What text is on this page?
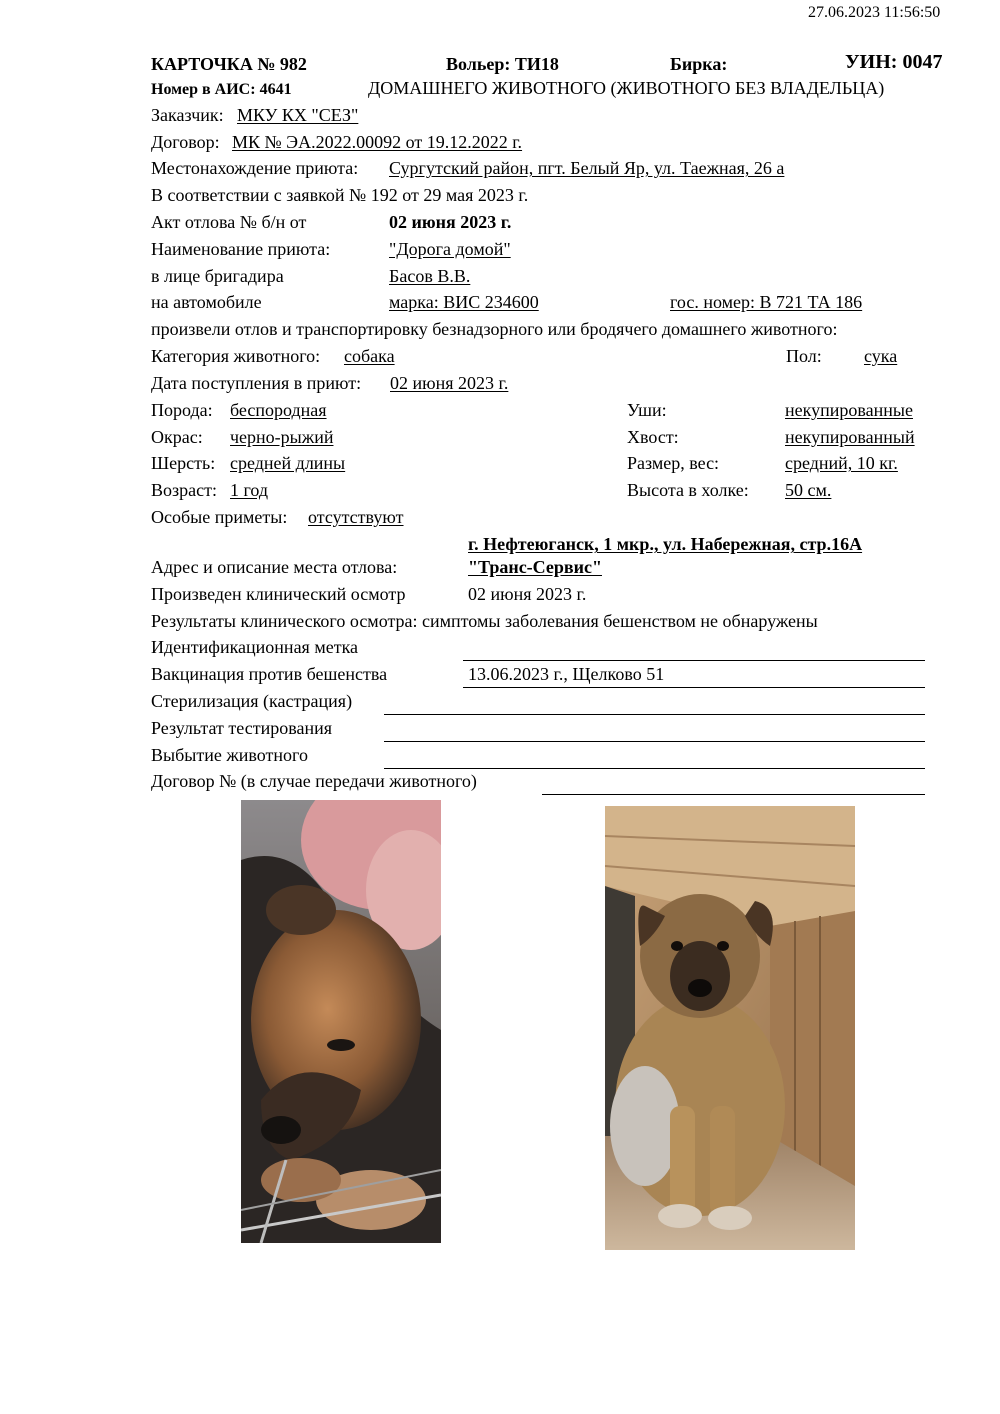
27.06.2023 11:56:50
КАРТОЧКА № 982	Вольер: ТИ18	Бирка:	УИН: 0047
Номер в АИС: 4641	ДОМАШНЕГО ЖИВОТНОГО (ЖИВОТНОГО БЕЗ ВЛАДЕЛЬЦА)
Заказчик: МКУ КХ "СЕЗ"
Договор: МК № ЭА.2022.00092 от 19.12.2022 г.
Местонахождение приюта: Сургутский район, пгт. Белый Яр, ул. Таежная, 26 а
В соответствии с заявкой № 192 от 29 мая 2023 г.
Акт отлова № б/н от	02 июня 2023 г.
Наименование приюта:	"Дорога домой"
в лице бригадира	Басов В.В.
на автомобиле	марка: ВИС 234600	гос. номер: В 721 ТА 186
произвели отлов и транспортировку безнадзорного или бродячего домашнего животного:
Категория животного: собака	Пол: сука
Дата поступления в приют: 02 июня 2023 г.
Порода: беспородная	Уши:	некупированные
Окрас: черно-рыжий	Хвост:	некупированный
Шерсть: средней длины	Размер, вес:	средний, 10 кг.
Возраст: 1 год	Высота в холке: 50 см.
Особые приметы: отсутствуют
г. Нефтеюганск, 1 мкр., ул. Набережная, стр.16А
Адрес и описание места отлова:	"Транс-Сервис"
Произведен клинический осмотр	02 июня 2023 г.
Результаты клинического осмотра: симптомы заболевания бешенством не обнаружены
Идентификационная метка
Вакцинация против бешенства	13.06.2023 г., Щелково 51
Стерилизация (кастрация)
Результат тестирования
Выбытие животного
Договор № (в случае передачи животного)
